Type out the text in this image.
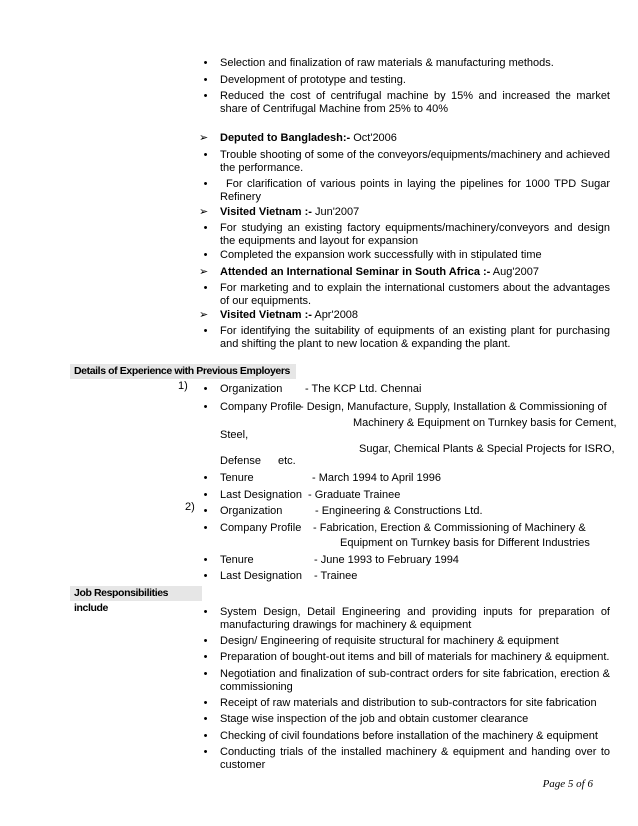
• Selection and finalization of raw materials & manufacturing methods.
• Development of prototype and testing.
• Reduced the cost of centrifugal machine by 15% and increased the market share of Centrifugal Machine from 25% to 40%
➢ Deputed to Bangladesh:- Oct'2006
• Trouble shooting of some of the conveyors/equipments/machinery and achieved the performance.
•	For clarification of various points in laying the pipelines for 1000 TPD Sugar Refinery
➢ Visited Vietnam :- Jun'2007
• For studying an existing factory equipments/machinery/conveyors and design the equipments and layout for expansion
• Completed the expansion work successfully with in stipulated time
➢ Attended an International Seminar in South Africa :- Aug'2007
• For marketing and to explain the international customers about the advantages of our equipments.
➢ Visited Vietnam :- Apr'2008
• For identifying the suitability of equipments of an existing plant for purchasing and shifting the plant to new location & expanding the plant.
Details of Experience with Previous Employers
1) • Organization - The KCP Ltd. Chennai
• Company Profile
- Design, Manufacture, Supply, Installation & Commissioning of
Machinery & Equipment on Turnkey basis for Cement,
Steel,
Sugar, Chemical Plants & Special Projects for ISRO,
Defense etc.
• Tenure	- March 1994 to April 1996
• Last Designation - Graduate Trainee
2) • Organization	- Engineering & Constructions Ltd.
• Company Profile - Fabrication, Erection & Commissioning of Machinery &
Equipment on Turnkey basis for Different Industries
• Tenure	- June 1993 to February 1994
• Last Designation - Trainee
Job Responsibilities include	• System Design, Detail Engineering and providing inputs for preparation of manufacturing drawings for machinery & equipment
• Design/ Engineering of requisite structural for machinery & equipment
• Preparation of bought-out items and bill of materials for machinery & equipment.
• Negotiation and finalization of sub-contract orders for site fabrication, erection & commissioning
• Receipt of raw materials and distribution to sub-contractors for site fabrication
• Stage wise inspection of the job and obtain customer clearance
• Checking of civil foundations before installation of the machinery & equipment
• Conducting trials of the installed machinery & equipment and handing over to customer
Page 5 of 6
